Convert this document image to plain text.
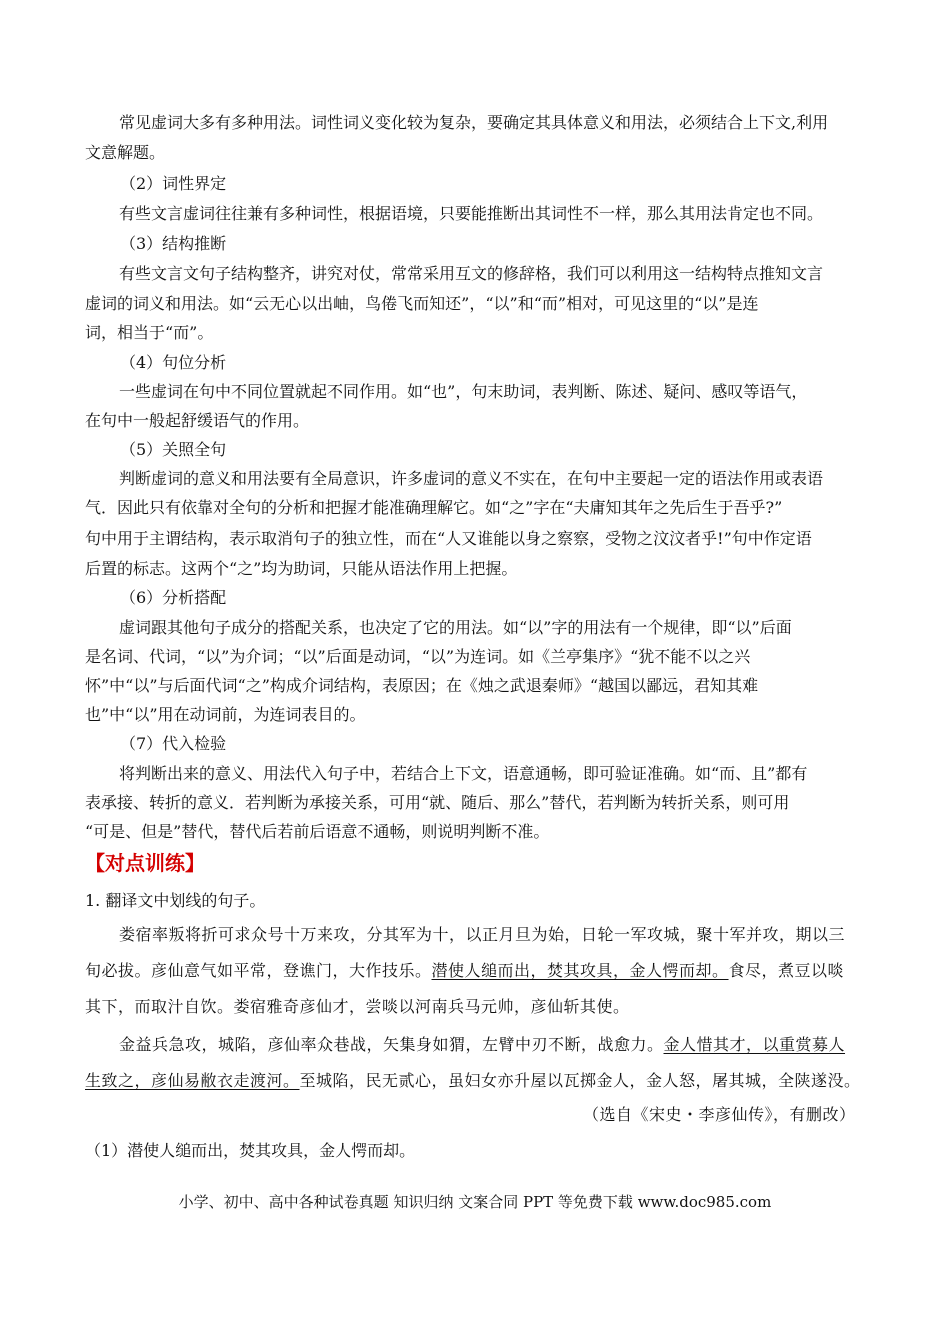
常见虚词大多有多种用法。词性词义变化较为复杂，要确定其具体意义和用法，必须结合上下文,利用
文意解题。
（2）词性界定
有些文言虚词往往兼有多种词性，根据语境，只要能推断出其词性不一样，那么其用法肯定也不同。
（3）结构推断
有些文言文句子结构整齐，讲究对仗，常常采用互文的修辞格，我们可以利用这一结构特点推知文言
虚词的词义和用法。如“云无心以出岫，鸟倦飞而知还”，“以”和“而”相对，可见这里的“以”是连
词，相当于“而”。
（4）句位分析
一些虚词在句中不同位置就起不同作用。如“也”，句末助词，表判断、陈述、疑问、感叹等语气，
在句中一般起舒缓语气的作用。
（5）关照全句
判断虚词的意义和用法要有全局意识，许多虚词的意义不实在，在句中主要起一定的语法作用或表语
气．因此只有依靠对全句的分析和把握才能准确理解它。如“之”字在“夫庸知其年之先后生于吾乎?”
句中用于主谓结构，表示取消句子的独立性，而在“人又谁能以身之察察，受物之汶汶者乎!”句中作定语
后置的标志。这两个“之”均为助词，只能从语法作用上把握。
（6）分析搭配
虚词跟其他句子成分的搭配关系，也决定了它的用法。如“以”字的用法有一个规律，即“以”后面
是名词、代词，“以”为介词；“以”后面是动词，“以”为连词。如《兰亭集序》“犹不能不以之兴
怀”中“以”与后面代词“之”构成介词结构，表原因；在《烛之武退秦师》“越国以鄙远，君知其难
也”中“以”用在动词前，为连词表目的。
（7）代入检验
将判断出来的意义、用法代入句子中，若结合上下文，语意通畅，即可验证准确。如“而、且”都有
表承接、转折的意义．若判断为承接关系，可用“就、随后、那么”替代，若判断为转折关系，则可用
“可是、但是”替代，替代后若前后语意不通畅，则说明判断不准。
【对点训练】
1. 翻译文中划线的句子。
娄宿率叛将折可求众号十万来攻，分其军为十，以正月旦为始，日轮一军攻城，聚十军并攻，期以三
旬必拔。彦仙意气如平常，登谯门，大作技乐。潜使人缒而出，焚其攻具，金人愕而却。食尽，煮豆以啖
其下，而取汁自饮。娄宿雅奇彦仙才，尝啖以河南兵马元帅，彦仙斩其使。
金益兵急攻，城陷，彦仙率众巷战，矢集身如猬，左臂中刃不断，战愈力。金人惜其才，以重赏募人
生致之，彦仙易敝衣走渡河。至城陷，民无贰心，虽妇女亦升屋以瓦掷金人，金人怒，屠其城，全陕遂没。
（选自《宋史・李彦仙传》，有删改）
（1）潜使人缒而出，焚其攻具，金人愕而却。
小学、初中、高中各种试卷真题 知识归纳 文案合同 PPT 等免费下载 www.doc985.com
